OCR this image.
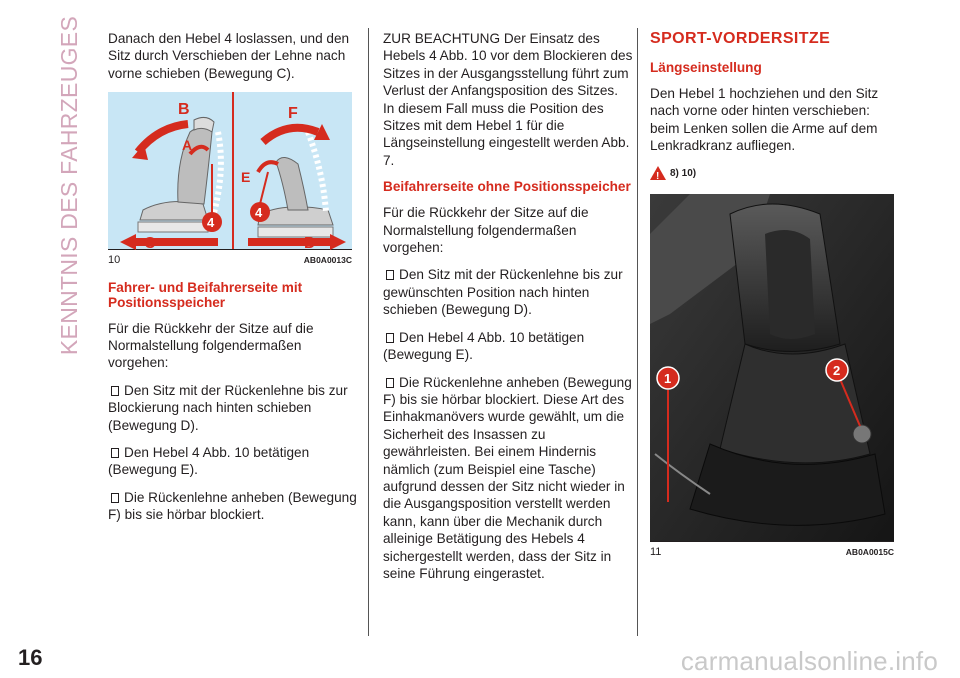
KENNTNIS DES FAHRZEUGES Danach den Hebel 4 loslassen, und den Sitz durch Verschieben der Lehne nach vorne schieben (Bewegung C).

B
A
C
4
F
E
D
4
10	AB0A0013C
Fahrer- und Beifahrerseite mit Positionsspeicher

Für die Rückkehr der Sitze auf die Normalstellung folgendermaßen vorgehen:

Den Sitz mit der Rückenlehne bis zur Blockierung nach hinten schieben (Bewegung D).
Den Hebel 4 Abb. 10 betätigen (Bewegung E).
Die Rückenlehne anheben (Bewegung F) bis sie hörbar blockiert.

ZUR BEACHTUNG Der Einsatz des Hebels 4 Abb. 10 vor dem Blockieren des Sitzes in der Ausgangsstellung führt zum Verlust der Anfangsposition des Sitzes. In diesem Fall muss die Position des Sitzes mit dem Hebel 1 für die Längseinstellung eingestellt werden Abb. 7.

Beifahrerseite ohne Positionsspeicher

Für die Rückkehr der Sitze auf die Normalstellung folgendermaßen vorgehen:

Den Sitz mit der Rückenlehne bis zur gewünschten Position nach hinten schieben (Bewegung D).
Den Hebel 4 Abb. 10 betätigen (Bewegung E).
Die Rückenlehne anheben (Bewegung F) bis sie hörbar blockiert. Diese Art des Einhakmanövers wurde gewählt, um die Sicherheit des Insassen zu gewährleisten. Bei einem Hindernis nämlich (zum Beispiel eine Tasche) aufgrund dessen der Sitz nicht wieder in die Ausgangsposition verstellt werden kann, kann über die Mechanik durch alleinige Betätigung des Hebels 4 sichergestellt werden, dass der Sitz in seine Führung eingerastet.
SPORT-VORDERSITZE
Längseinstellung

Den Hebel 1 hochziehen und den Sitz nach vorne oder hinten verschieben: beim Lenken sollen die Arme auf dem Lenkradkranz aufliegen.

!
8) 10)
1
2
11	AB0A0015C
16	carmanualsonline.info
